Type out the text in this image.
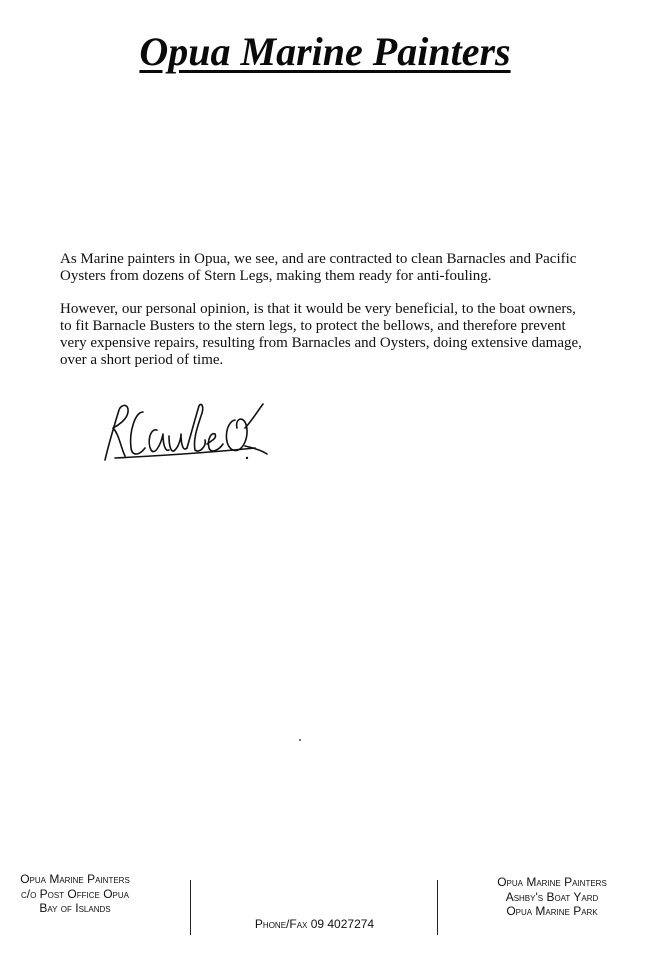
Opua Marine Painters

As Marine painters in Opua, we see, and are contracted to clean Barnacles and Pacific Oysters from dozens of Stern Legs, making them ready for anti-fouling.

However, our personal opinion, is that it would be very beneficial, to the boat owners, to fit Barnacle Busters to the stern legs, to protect the bellows, and therefore prevent very expensive repairs, resulting from Barnacles and Oysters, doing extensive damage, over a short period of time.

Opua Marine Painters
c/o Post Office Opua
Bay of Islands
Phone/Fax 09 4027274
Opua Marine Painters
Ashby's Boat Yard
Opua Marine Park
